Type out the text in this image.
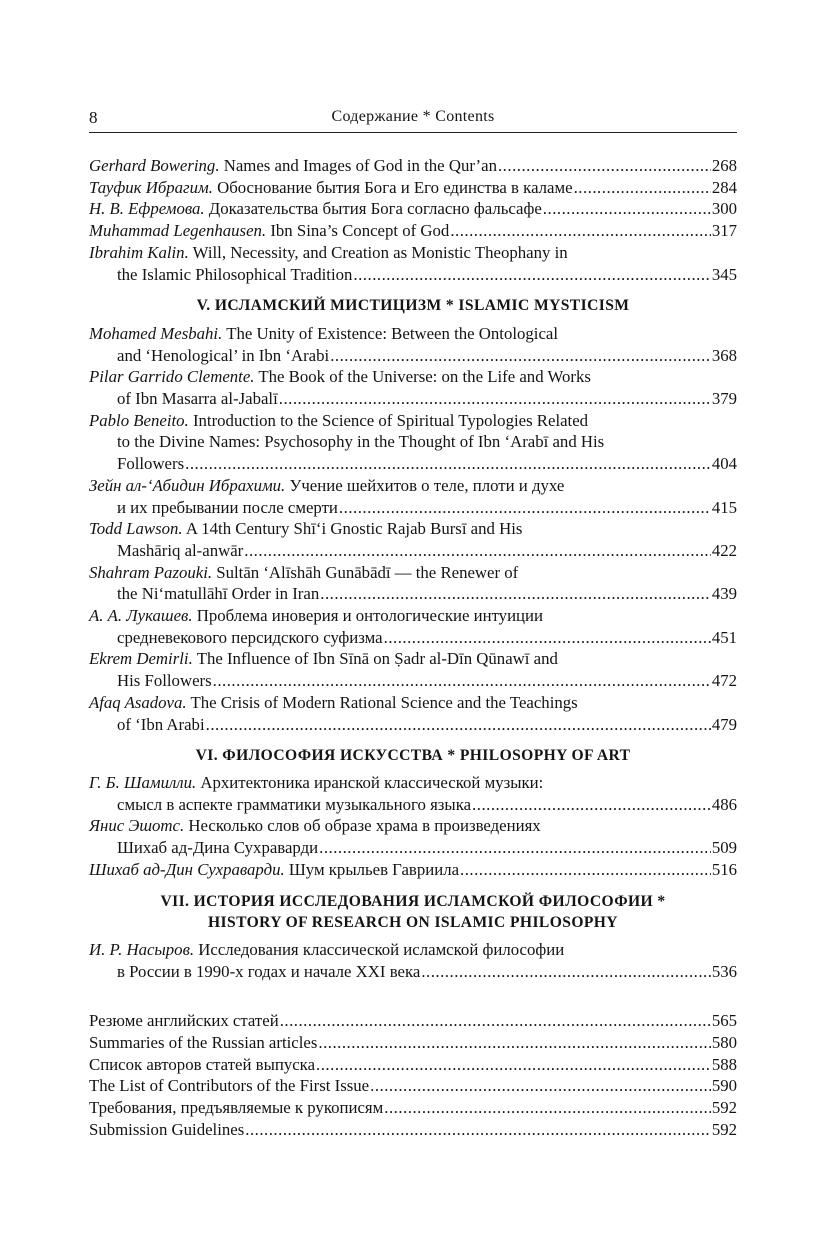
8	Содержание * Contents
Gerhard Bowering. Names and Images of God in the Qur’an .....	268
Тауфик Ибрагим. Обоснование бытия Бога и Его единства в каламе .....	284
Н. В. Ефремова. Доказательства бытия Бога согласно фальсафе .....	300
Muhammad Legenhausen. Ibn Sina’s Concept of God .....	317
Ibrahim Kalin. Will, Necessity, and Creation as Monistic Theophany in
the Islamic Philosophical Tradition .....	345
V. ИСЛАМСКИЙ МИСТИЦИЗМ * ISLAMIC MYSTICISM
Mohamed Mesbahi. The Unity of Existence: Between the Ontological
and ‘Henological’ in Ibn ‘Arabi .....	368
Pilar Garrido Clemente. The Book of the Universe: on the Life and Works
of Ibn Masarra al-Jabalī .....	379
Pablo Beneito. Introduction to the Science of Spiritual Typologies Related
to the Divine Names: Psychosophy in the Thought of Ibn ‘Arabī and His
Followers .....	404
Зейн ал-‘Абидин Ибрахими. Учение шейхитов о теле, плоти и духе
и их пребывании после смерти .....	415
Todd Lawson. A 14th Century Shī‘i Gnostic Rajab Bursī and His
Mashāriq al-anwār .....	422
Shahram Pazouki. Sultān ‘Alīshāh Gunābādī — the Renewer of
the Ni‘matullāhī Order in Iran .....	439
А. А. Лукашев. Проблема иноверия и онтологические интуиции
средневекового персидского суфизма .....	451
Ekrem Demirli. The Influence of Ibn Sīnā on Ṣadr al-Dīn Qūnawī and
His Followers .....	472
Afaq Asadova. The Crisis of Modern Rational Science and the Teachings
of ‘Ibn Arabi .....	479
VI. ФИЛОСОФИЯ ИСКУССТВА * PHILOSOPHY OF ART
Г. Б. Шамилли. Архитектоника иранской классической музыки:
смысл в аспекте грамматики музыкального языка .....	486
Янис Эшотс. Несколько слов об образе храма в произведениях
Шихаб ад-Дина Сухраварди .....	509
Шихаб ад-Дин Сухраварди. Шум крыльев Гавриила .....	516
VII. ИСТОРИЯ ИССЛЕДОВАНИЯ ИСЛАМСКОЙ ФИЛОСОФИИ *
HISTORY OF RESEARCH ON ISLAMIC PHILOSOPHY
И. Р. Насыров. Исследования классической исламской философии
в России в 1990-х годах и начале XXI века .....	536
Резюме английских статей .....	565
Summaries of the Russian articles .....	580
Список авторов статей выпуска .....	588
The List of Contributors of the First Issue .....	590
Требования, предъявляемые к рукописям .....	592
Submission Guidelines .....	592
